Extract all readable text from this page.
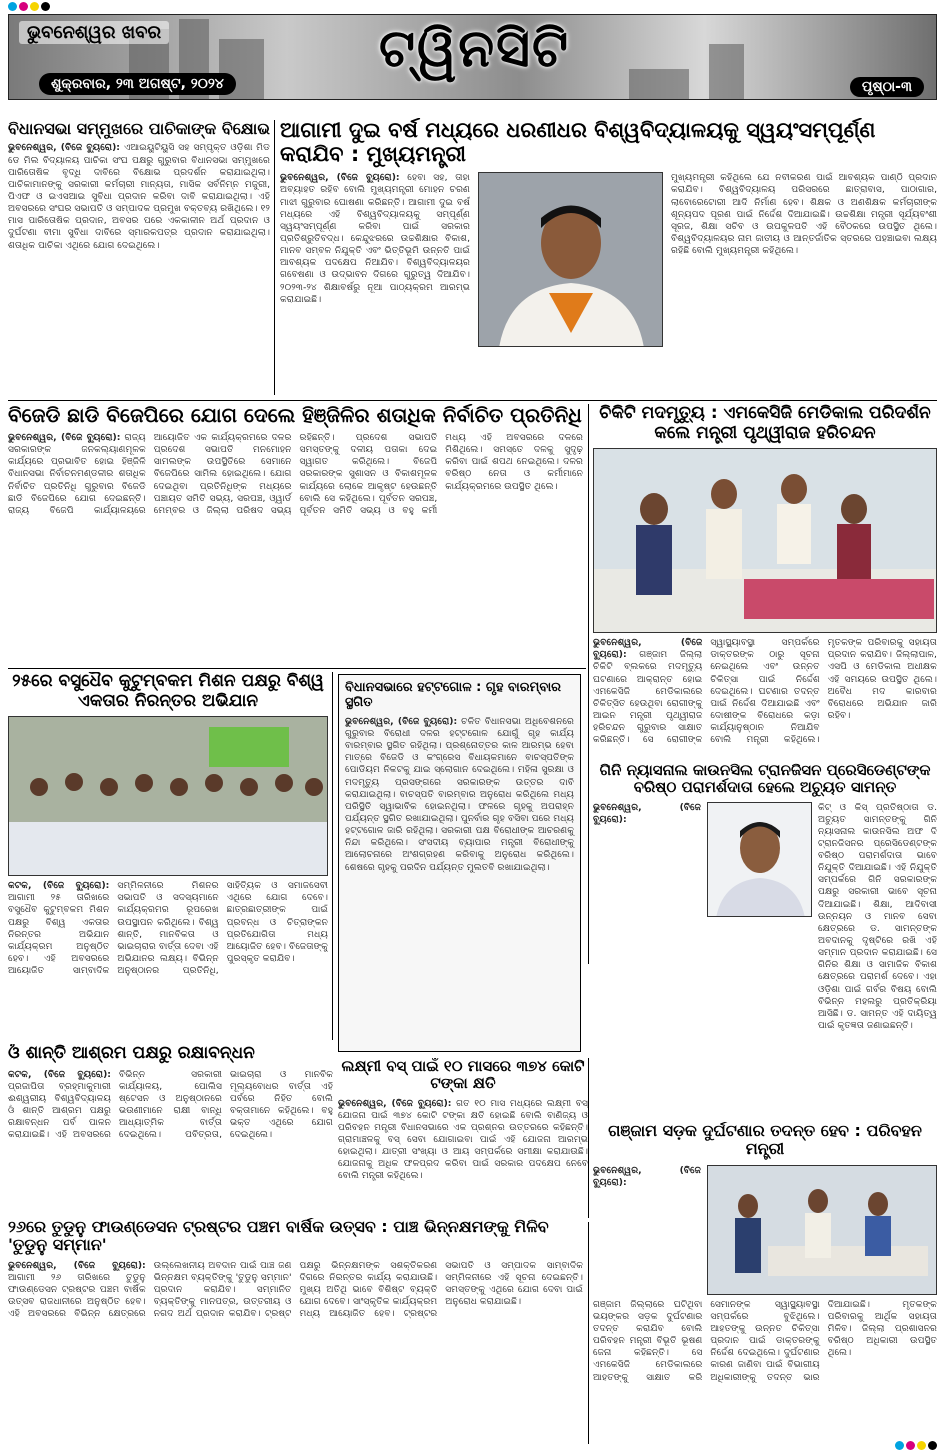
ଭୁବନେଶ୍ୱର ଖବର
ଶୁକ୍ରବାର, ୨୩ ଅଗଷ୍ଟ, ୨୦୨୪
ଟ୍ୱିନସିଟି
ପୃଷ୍ଠା-୩
ବିଧାନସଭା ସମ୍ମୁଖରେ ପାଚିକାଙ୍କ ବିକ୍ଷୋଭ
ଭୁବନେଶ୍ୱର, (ବିଜେ ବ୍ୟୁରୋ): ଏଆଇୟୁଟିୟୁସି ସହ ସମ୍ପୃକ୍ତ ଓଡ଼ିଶା ମିଡ ଡେ ମିଲ ବିଦ୍ୟାଳୟ ପାଚିକା ସଂଘ ପକ୍ଷରୁ ଗୁରୁବାର ବିଧାନସଭା ସମ୍ମୁଖରେ ପାରିତୋଷିକ ବୃଦ୍ଧି ଦାବିରେ ବିକ୍ଷୋଭ ପ୍ରଦର୍ଶନ କରାଯାଇଥିଲା। ପାଚିକାମାନଙ୍କୁ ସରକାରୀ କର୍ମଚାରୀ ମାନ୍ୟତା, ମାସିକ ସର୍ବନିମ୍ନ ମଜୁରୀ, ପିଏଫ ଓ ଇଏସଆଇ ସୁବିଧା ପ୍ରଦାନ କରିବା ଦାବି କରାଯାଇଥିଲା। ଏହି ଅବସରରେ ସଂଘର ସଭାପତି ଓ ସମ୍ପାଦକ ପ୍ରମୁଖ ବକ୍ତବ୍ୟ ରଖିଥିଲେ। ୧୨ ମାସ ପାରିତୋଷିକ ପ୍ରଦାନ, ଅବସର ପରେ ଏକକାଳୀନ ଅର୍ଥ ପ୍ରଦାନ ଓ ଦୁର୍ଘଟଣା ବୀମା ସୁବିଧା ଦାବିରେ ସ୍ମାରକପତ୍ର ପ୍ରଦାନ କରାଯାଇଥିଲା। ଶତାଧିକ ପାଚିକା ଏଥିରେ ଯୋଗ ଦେଇଥିଲେ।
ଆଗାମୀ ଦୁଇ ବର୍ଷ ମଧ୍ୟରେ ଧରଣୀଧର ବିଶ୍ୱବିଦ୍ୟାଳୟକୁ ସ୍ୱୟଂସମ୍ପୂର୍ଣ୍ଣ କରାଯିବ : ମୁଖ୍ୟମନ୍ତ୍ରୀ
ଭୁବନେଶ୍ୱର, (ବିଜେ ବ୍ୟୁରୋ): ହେବା ସହ, ତାହା ଅବ୍ୟାହତ ରହିବ ବୋଲି ମୁଖ୍ୟମନ୍ତ୍ରୀ ମୋହନ ଚରଣ ମାଝୀ ଗୁରୁବାର ଘୋଷଣା କରିଛନ୍ତି। ଆଗାମୀ ଦୁଇ ବର୍ଷ ମଧ୍ୟରେ ଏହି ବିଶ୍ୱବିଦ୍ୟାଳୟକୁ ସମ୍ପୂର୍ଣ୍ଣ ସ୍ୱୟଂସମ୍ପୂର୍ଣ୍ଣ କରିବା ପାଇଁ ସରକାର ପ୍ରତିଶ୍ରୁତିବଦ୍ଧ। କେନ୍ଦୁଝରରେ ଉଚ୍ଚଶିକ୍ଷାର ବିକାଶ, ମାନବ ସମ୍ବଳ ନିଯୁକ୍ତି ଏବଂ ଭିତ୍ତିଭୂମି ଉନ୍ନତି ପାଇଁ ଆବଶ୍ୟକ ପଦକ୍ଷେପ ନିଆଯିବ। ବିଶ୍ୱବିଦ୍ୟାଳୟର ଗବେଷଣା ଓ ଉଦ୍ଭାବନ ଦିଗରେ ଗୁରୁତ୍ୱ ଦିଆଯିବ। ୨୦୨୩-୨୪ ଶିକ୍ଷାବର୍ଷରୁ ନୂଆ ପାଠ୍ୟକ୍ରମ ଆରମ୍ଭ କରାଯାଇଛି।
ମୁଖ୍ୟମନ୍ତ୍ରୀ କହିଥିଲେ ଯେ ନବୀକରଣ ପାଇଁ ଆବଶ୍ୟକ ପାଣ୍ଠି ପ୍ରଦାନ କରାଯିବ। ବିଶ୍ୱବିଦ୍ୟାଳୟ ପରିସରରେ ଛାତ୍ରାବାସ, ପାଠାଗାର, ଲାବୋରେଟୋରୀ ଆଦି ନିର୍ମାଣ ହେବ। ଶିକ୍ଷକ ଓ ଅଣଶିକ୍ଷକ କର୍ମଚାରୀଙ୍କ ଶୂନ୍ୟପଦ ପୂରଣ ପାଇଁ ନିର୍ଦ୍ଦେଶ ଦିଆଯାଇଛି। ଉଚ୍ଚଶିକ୍ଷା ମନ୍ତ୍ରୀ ସୂର୍ଯ୍ୟବଂଶୀ ସୂରଜ, ଶିକ୍ଷା ସଚିବ ଓ ଉପକୁଳପତି ଏହି ବୈଠକରେ ଉପସ୍ଥିତ ଥିଲେ। ବିଶ୍ୱବିଦ୍ୟାଳୟର ନାମ ଜାତୀୟ ଓ ଆନ୍ତର୍ଜାତିକ ସ୍ତରରେ ପହଞ୍ଚାଇବା ଲକ୍ଷ୍ୟ ରହିଛି ବୋଲି ମୁଖ୍ୟମନ୍ତ୍ରୀ କହିଥିଲେ।
ବିଜେଡି ଛାଡି ବିଜେପିରେ ଯୋଗ ଦେଲେ ହିଞ୍ଜିଳିର ଶତାଧିକ ନିର୍ବାଚିତ ପ୍ରତିନିଧି
ଭୁବନେଶ୍ୱର, (ବିଜେ ବ୍ୟୁରୋ): ରାଜ୍ୟ ସରକାରଙ୍କ ଜନକଲ୍ୟାଣମୂଳକ କାର୍ଯ୍ୟରେ ପ୍ରଭାବିତ ହୋଇ ହିଞ୍ଜିଳି ବିଧାନସଭା ନିର୍ବାଚନମଣ୍ଡଳୀର ଶତାଧିକ ନିର୍ବାଚିତ ପ୍ରତିନିଧି ଗୁରୁବାର ବିଜେଡି ଛାଡି ବିଜେପିରେ ଯୋଗ ଦେଇଛନ୍ତି। ରାଜ୍ୟ ବିଜେପି କାର୍ଯ୍ୟାଳୟରେ ଆୟୋଜିତ ଏକ କାର୍ଯ୍ୟକ୍ରମରେ ଦଳର ପ୍ରଦେଶ ସଭାପତି ମନମୋହନ ସାମଲଙ୍କ ଉପସ୍ଥିତିରେ ସେମାନେ ବିଜେପିରେ ସାମିଲ ହୋଇଥିଲେ। ଯୋଗ ଦେଇଥିବା ପ୍ରତିନିଧିଙ୍କ ମଧ୍ୟରେ ପଞ୍ଚାୟତ ସମିତି ସଭ୍ୟ, ସରପଞ୍ଚ, ଓ୍ୱାର୍ଡ ମେମ୍ବର ଓ ଜିଲ୍ଲା ପରିଷଦ ସଭ୍ୟ ରହିଛନ୍ତି। ପ୍ରଦେଶ ସଭାପତି ସମସ୍ତଙ୍କୁ ଦଳୀୟ ପତାକା ଦେଇ ସ୍ୱାଗତ କରିଥିଲେ। ବିଜେପି ସରକାରଙ୍କ ସୁଶାସନ ଓ ବିକାଶମୂଳକ କାର୍ଯ୍ୟରେ ଲୋକେ ଆକୃଷ୍ଟ ହେଉଛନ୍ତି ବୋଲି ସେ କହିଥିଲେ। ପୂର୍ବତନ ସରପଞ୍ଚ, ପୂର୍ବତନ ସମିତି ସଭ୍ୟ ଓ ବହୁ କର୍ମୀ ମଧ୍ୟ ଏହି ଅବସରରେ ଦଳରେ ମିଶିଥିଲେ। ସମସ୍ତେ ଦଳକୁ ସୁଦୃଢ଼ କରିବା ପାଇଁ ଶପଥ ନେଇଥିଲେ। ଦଳର ବରିଷ୍ଠ ନେତା ଓ କର୍ମୀମାନେ କାର୍ଯ୍ୟକ୍ରମରେ ଉପସ୍ଥିତ ଥିଲେ।
ଚିକିଟି ମଦମୃତ୍ୟୁ : ଏମକେସିଜି ମେଡିକାଲ ପରିଦର୍ଶନ କଲେ ମନ୍ତ୍ରୀ ପୃଥ୍ୱୀରାଜ ହରିଚନ୍ଦନ
ଭୁବନେଶ୍ୱର, (ବିଜେ ବ୍ୟୁରୋ): ଗଞ୍ଜାମ ଜିଲ୍ଲା ଚିକିଟି ବ୍ଲକରେ ମଦମୃତ୍ୟୁ ଘଟଣାରେ ଆକ୍ରାନ୍ତ ହୋଇ ଏମକେସିଜି ମେଡିକାଲରେ ଚିକିତ୍ସିତ ହେଉଥିବା ରୋଗୀଙ୍କୁ ଆଇନ ମନ୍ତ୍ରୀ ପୃଥ୍ୱୀରାଜ ହରିଚନ୍ଦନ ଗୁରୁବାର ସାକ୍ଷାତ କରିଛନ୍ତି। ସେ ରୋଗୀଙ୍କ ସ୍ୱାସ୍ଥ୍ୟାବସ୍ଥା ସମ୍ପର୍କରେ ଡାକ୍ତରଙ୍କ ଠାରୁ ସୂଚନା ନେଇଥିଲେ ଏବଂ ଉନ୍ନତ ଚିକିତ୍ସା ପାଇଁ ନିର୍ଦ୍ଦେଶ ଦେଇଥିଲେ। ଘଟଣାର ତଦନ୍ତ ପାଇଁ ନିର୍ଦ୍ଦେଶ ଦିଆଯାଇଛି ଏବଂ ଦୋଷୀଙ୍କ ବିରୋଧରେ କଡ଼ା କାର୍ଯ୍ୟାନୁଷ୍ଠାନ ନିଆଯିବ ବୋଲି ମନ୍ତ୍ରୀ କହିଥିଲେ। ମୃତକଙ୍କ ପରିବାରକୁ ସହାୟତା ପ୍ରଦାନ କରାଯିବ। ଜିଲ୍ଲାପାଳ, ଏସପି ଓ ମେଡିକାଲ ଅଧୀକ୍ଷକ ଏହି ସମୟରେ ଉପସ୍ଥିତ ଥିଲେ। ଅବୈଧ ମଦ କାରବାର ବିରୋଧରେ ଅଭିଯାନ ଜାରି ରହିବ।
୨୫ରେ ବସୁଧୈବ କୁଟୁମ୍ବକମ ମିଶନ ପକ୍ଷରୁ ବିଶ୍ୱ ଏକତାର ନିରନ୍ତର ଅଭିଯାନ
କଟକ, (ବିଜେ ବ୍ୟୁରୋ): ଆଗାମୀ ୨୫ ତାରିଖରେ ବସୁଧୈବ କୁଟୁମ୍ବକମ ମିଶନ ପକ୍ଷରୁ ବିଶ୍ୱ ଏକତାର ନିରନ୍ତର ଅଭିଯାନ କାର୍ଯ୍ୟକ୍ରମ ଅନୁଷ୍ଠିତ ହେବ। ଏହି ଅବସରରେ ଆୟୋଜିତ ସାମ୍ବାଦିକ ସମ୍ମିଳନୀରେ ମିଶନର ସଭାପତି ଓ ସଦସ୍ୟମାନେ କାର୍ଯ୍ୟକ୍ରମର ରୂପରେଖ ଉପସ୍ଥାପନ କରିଥିଲେ। ବିଶ୍ୱ ଶାନ୍ତି, ମାନବିକତା ଓ ଭାଇଚାରାର ବାର୍ତ୍ତା ଦେବା ଏହି ଅଭିଯାନର ଲକ୍ଷ୍ୟ। ବିଭିନ୍ନ ଅନୁଷ୍ଠାନର ପ୍ରତିନିଧି, ସାହିତ୍ୟିକ ଓ ସମାଜସେବୀ ଏଥିରେ ଯୋଗ ଦେବେ। ଛାତ୍ରଛାତ୍ରୀଙ୍କ ପାଇଁ ପ୍ରବନ୍ଧ ଓ ଚିତ୍ରାଙ୍କନ ପ୍ରତିଯୋଗିତା ମଧ୍ୟ ଆୟୋଜିତ ହେବ। ବିଜେତାଙ୍କୁ ପୁରସ୍କୃତ କରାଯିବ।
ବିଧାନସଭାରେ ହଟ୍ଟଗୋଳ : ଗୃହ ବାରମ୍ବାର ସ୍ଥଗିତ
ଭୁବନେଶ୍ୱର, (ବିଜେ ବ୍ୟୁରୋ): ଚଳିତ ବିଧାନସଭା ଅଧିବେଶନରେ ଗୁରୁବାର ବିରୋଧୀ ଦଳର ହଟ୍ଟଗୋଳ ଯୋଗୁଁ ଗୃହ କାର୍ଯ୍ୟ ବାରମ୍ବାର ସ୍ଥଗିତ ରହିଥିଲା। ପ୍ରଶ୍ନୋତ୍ତର କାଳ ଆରମ୍ଭ ହେବା ମାତ୍ରେ ବିଜେଡି ଓ କଂଗ୍ରେସ ବିଧାୟକମାନେ ବାଚସ୍ପତିଙ୍କ ପୋଡିୟମ ନିକଟକୁ ଯାଇ ସ୍ଲୋଗାନ ଦେଇଥିଲେ। ମହିଳା ସୁରକ୍ଷା ଓ ମଦମୃତ୍ୟୁ ପ୍ରସଙ୍ଗରେ ସରକାରଙ୍କ ଉତ୍ତର ଦାବି କରାଯାଇଥିଲା। ବାଚସ୍ପତି ବାରମ୍ବାର ଅନୁରୋଧ କରିଥିଲେ ମଧ୍ୟ ପରିସ୍ଥିତି ସ୍ୱାଭାବିକ ହୋଇନଥିଲା। ଫଳରେ ଗୃହକୁ ଅପରାହ୍ନ ପର୍ଯ୍ୟନ୍ତ ସ୍ଥଗିତ ରଖାଯାଇଥିଲା। ପୁନର୍ବାର ଗୃହ ବସିବା ପରେ ମଧ୍ୟ ହଟ୍ଟଗୋଳ ଜାରି ରହିଥିଲା। ସରକାରୀ ପକ୍ଷ ବିରୋଧୀଙ୍କ ଆଚରଣକୁ ନିନ୍ଦା କରିଥିଲେ। ସଂସଦୀୟ ବ୍ୟାପାର ମନ୍ତ୍ରୀ ବିରୋଧୀଙ୍କୁ ଆଲୋଚନାରେ ଅଂଶଗ୍ରହଣ କରିବାକୁ ଅନୁରୋଧ କରିଥିଲେ। ଶେଷରେ ଗୃହକୁ ପରଦିନ ପର୍ଯ୍ୟନ୍ତ ମୁଲତବି ରଖାଯାଇଥିଲା।
ଗିନି ନ୍ୟାସନାଲ କାଉନସିଲ ଟ୍ରାନଜିସନ ପ୍ରେସିଡେଣ୍ଟଙ୍କ ବରିଷ୍ଠ ପରାମର୍ଶଦାତା ହେଲେ ଅଚ୍ୟୁତ ସାମନ୍ତ
ଭୁବନେଶ୍ୱର, (ବିଜେ ବ୍ୟୁରୋ):
କିଟ୍ ଓ କିସ୍ ପ୍ରତିଷ୍ଠାତା ଡ. ଅଚ୍ୟୁତ ସାମନ୍ତଙ୍କୁ ଗିନି ନ୍ୟାସନାଲ କାଉନସିଲ ଅଫ ଦି ଟ୍ରାନଜିସନର ପ୍ରେସିଡେଣ୍ଟଙ୍କ ବରିଷ୍ଠ ପରାମର୍ଶଦାତା ଭାବେ ନିଯୁକ୍ତି ଦିଆଯାଇଛି। ଏହି ନିଯୁକ୍ତି ସମ୍ପର୍କରେ ଗିନି ସରକାରଙ୍କ ପକ୍ଷରୁ ସରକାରୀ ଭାବେ ସୂଚନା ଦିଆଯାଇଛି। ଶିକ୍ଷା, ଆଦିବାସୀ ଉନ୍ନୟନ ଓ ମାନବ ସେବା କ୍ଷେତ୍ରରେ ଡ. ସାମନ୍ତଙ୍କ ଅବଦାନକୁ ଦୃଷ୍ଟିରେ ରଖି ଏହି ସମ୍ମାନ ପ୍ରଦାନ କରାଯାଇଛି। ସେ ଗିନିର ଶିକ୍ଷା ଓ ସାମାଜିକ ବିକାଶ କ୍ଷେତ୍ରରେ ପରାମର୍ଶ ଦେବେ। ଏହା ଓଡ଼ିଶା ପାଇଁ ଗର୍ବର ବିଷୟ ବୋଲି ବିଭିନ୍ନ ମହଲରୁ ପ୍ରତିକ୍ରିୟା ଆସିଛି। ଡ. ସାମନ୍ତ ଏହି ଦାୟିତ୍ୱ ପାଇଁ କୃତଜ୍ଞତା ଜଣାଇଛନ୍ତି।
ଓଁ ଶାନ୍ତି ଆଶ୍ରମ ପକ୍ଷରୁ ରକ୍ଷାବନ୍ଧନ
କଟକ, (ବିଜେ ବ୍ୟୁରୋ): ପ୍ରଜାପିତା ବ୍ରହ୍ମାକୁମାରୀ ଈଶ୍ୱରୀୟ ବିଶ୍ୱବିଦ୍ୟାଳୟ ଓଁ ଶାନ୍ତି ଆଶ୍ରମ ପକ୍ଷରୁ ରକ୍ଷାବନ୍ଧନ ପର୍ବ ପାଳନ କରାଯାଇଛି। ଏହି ଅବସରରେ ବିଭିନ୍ନ ସରକାରୀ କାର୍ଯ୍ୟାଳୟ, ପୋଲିସ ଷ୍ଟେସନ ଓ ଅନୁଷ୍ଠାନରେ ଭଉଣୀମାନେ ରାକ୍ଷୀ ବାନ୍ଧି ଆଧ୍ୟାତ୍ମିକ ବାର୍ତ୍ତା ଦେଇଥିଲେ। ପବିତ୍ରତା, ଭାଇଚାରା ଓ ମାନବିକ ମୂଲ୍ୟବୋଧର ବାର୍ତ୍ତା ଏହି ପର୍ବରେ ନିହିତ ବୋଲି ବକ୍ତାମାନେ କହିଥିଲେ। ବହୁ ଭକ୍ତ ଏଥିରେ ଯୋଗ ଦେଇଥିଲେ।
ଲକ୍ଷ୍ମୀ ବସ୍ ପାଇଁ ୧୦ ମାସରେ ୩୭୪ କୋଟି ଟଙ୍କା କ୍ଷତି
ଭୁବନେଶ୍ୱର, (ବିଜେ ବ୍ୟୁରୋ): ଗତ ୧୦ ମାସ ମଧ୍ୟରେ ଲକ୍ଷ୍ମୀ ବସ୍ ଯୋଜନା ପାଇଁ ୩୭୪ କୋଟି ଟଙ୍କା କ୍ଷତି ହୋଇଛି ବୋଲି ବାଣିଜ୍ୟ ଓ ପରିବହନ ମନ୍ତ୍ରୀ ବିଧାନସଭାରେ ଏକ ପ୍ରଶ୍ନର ଉତ୍ତରରେ କହିଛନ୍ତି। ଗ୍ରାମାଞ୍ଚଳକୁ ବସ୍ ସେବା ଯୋଗାଇବା ପାଇଁ ଏହି ଯୋଜନା ଆରମ୍ଭ ହୋଇଥିଲା। ଯାତ୍ରୀ ସଂଖ୍ୟା ଓ ଆୟ ସମ୍ପର୍କରେ ସମୀକ୍ଷା କରାଯାଉଛି। ଯୋଜନାକୁ ଅଧିକ ଫଳପ୍ରଦ କରିବା ପାଇଁ ସରକାର ପଦକ୍ଷେପ ନେବେ ବୋଲି ମନ୍ତ୍ରୀ କହିଥିଲେ।
ଗଞ୍ଜାମ ସଡ଼କ ଦୁର୍ଘଟଣାର ତଦନ୍ତ ହେବ : ପରିବହନ ମନ୍ତ୍ରୀ
ଭୁବନେଶ୍ୱର, (ବିଜେ ବ୍ୟୁରୋ):
ଗଞ୍ଜାମ ଜିଲ୍ଲାରେ ଘଟିଥିବା ଭୟଙ୍କର ସଡ଼କ ଦୁର୍ଘଟଣାର ତଦନ୍ତ କରାଯିବ ବୋଲି ପରିବହନ ମନ୍ତ୍ରୀ ବିଭୂତି ଭୂଷଣ ଜେନା କହିଛନ୍ତି। ସେ ଏମକେସିଜି ମେଡିକାଲରେ ଆହତଙ୍କୁ ସାକ୍ଷାତ କରି ସେମାନଙ୍କ ସ୍ୱାସ୍ଥ୍ୟାବସ୍ଥା ସମ୍ପର୍କରେ ବୁଝିଥିଲେ। ଆହତଙ୍କୁ ଉନ୍ନତ ଚିକିତ୍ସା ପ୍ରଦାନ ପାଇଁ ଡାକ୍ତରଙ୍କୁ ନିର୍ଦ୍ଦେଶ ଦେଇଥିଲେ। ଦୁର୍ଘଟଣାର କାରଣ ଜାଣିବା ପାଇଁ ବିଭାଗୀୟ ଅଧିକାରୀଙ୍କୁ ତଦନ୍ତ ଭାର ଦିଆଯାଇଛି। ମୃତକଙ୍କ ପରିବାରକୁ ଆର୍ଥିକ ସହାୟତା ମିଳିବ। ଜିଲ୍ଲା ପ୍ରଶାସନର ବରିଷ୍ଠ ଅଧିକାରୀ ଉପସ୍ଥିତ ଥିଲେ।
୨୬ରେ ତୁଡୁନୁ ଫାଉଣ୍ଡେସନ ଟ୍ରଷ୍ଟର ପଞ୍ଚମ ବାର୍ଷିକ ଉତ୍ସବ : ପାଞ୍ଚ ଭିନ୍ନକ୍ଷମଙ୍କୁ ମିଳିବ 'ତୁଡୁନୁ ସମ୍ମାନ'
ଭୁବନେଶ୍ୱର, (ବିଜେ ବ୍ୟୁରୋ): ଆଗାମୀ ୨୬ ତାରିଖରେ ତୁଡୁନୁ ଫାଉଣ୍ଡେସନ ଟ୍ରଷ୍ଟର ପଞ୍ଚମ ବାର୍ଷିକ ଉତ୍ସବ ରାଜଧାନୀରେ ଅନୁଷ୍ଠିତ ହେବ। ଏହି ଅବସରରେ ବିଭିନ୍ନ କ୍ଷେତ୍ରରେ ଉଲ୍ଲେଖନୀୟ ଅବଦାନ ପାଇଁ ପାଞ୍ଚ ଜଣ ଭିନ୍ନକ୍ଷମ ବ୍ୟକ୍ତିଙ୍କୁ 'ତୁଡୁନୁ ସମ୍ମାନ' ପ୍ରଦାନ କରାଯିବ। ସମ୍ମାନିତ ବ୍ୟକ୍ତିଙ୍କୁ ମାନପତ୍ର, ଉତ୍ତରୀୟ ଓ ନଗଦ ଅର୍ଥ ପ୍ରଦାନ କରାଯିବ। ଟ୍ରଷ୍ଟ ପକ୍ଷରୁ ଭିନ୍ନକ୍ଷମଙ୍କ ସଶକ୍ତିକରଣ ଦିଗରେ ନିରନ୍ତର କାର୍ଯ୍ୟ କରାଯାଉଛି। ମୁଖ୍ୟ ଅତିଥି ଭାବେ ବିଶିଷ୍ଟ ବ୍ୟକ୍ତି ଯୋଗ ଦେବେ। ସାଂସ୍କୃତିକ କାର୍ଯ୍ୟକ୍ରମ ମଧ୍ୟ ଆୟୋଜିତ ହେବ। ଟ୍ରଷ୍ଟର ସଭାପତି ଓ ସମ୍ପାଦକ ସାମ୍ବାଦିକ ସମ୍ମିଳନୀରେ ଏହି ସୂଚନା ଦେଇଛନ୍ତି। ସମସ୍ତଙ୍କୁ ଏଥିରେ ଯୋଗ ଦେବା ପାଇଁ ଅନୁରୋଧ କରାଯାଇଛି।
